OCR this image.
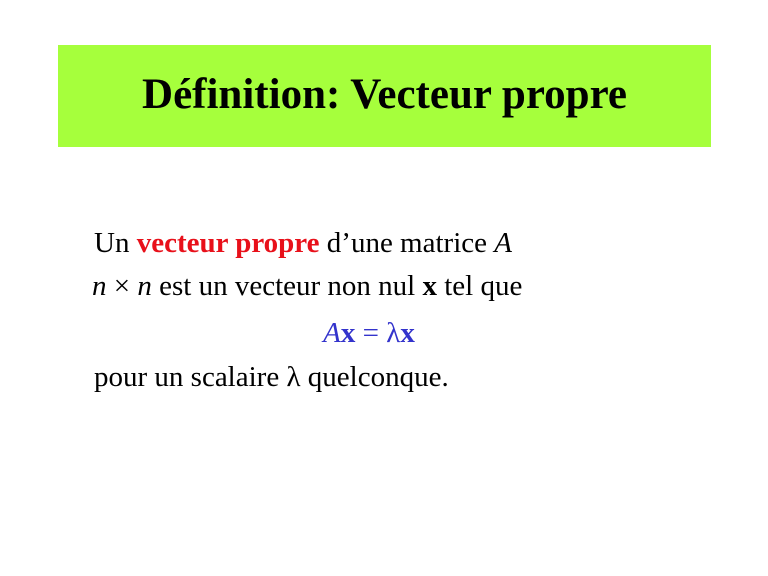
Définition: Vecteur propre
Un vecteur propre d’une matrice A
n × n est un vecteur non nul x tel que
Ax = λx
pour un scalaire λ quelconque.
